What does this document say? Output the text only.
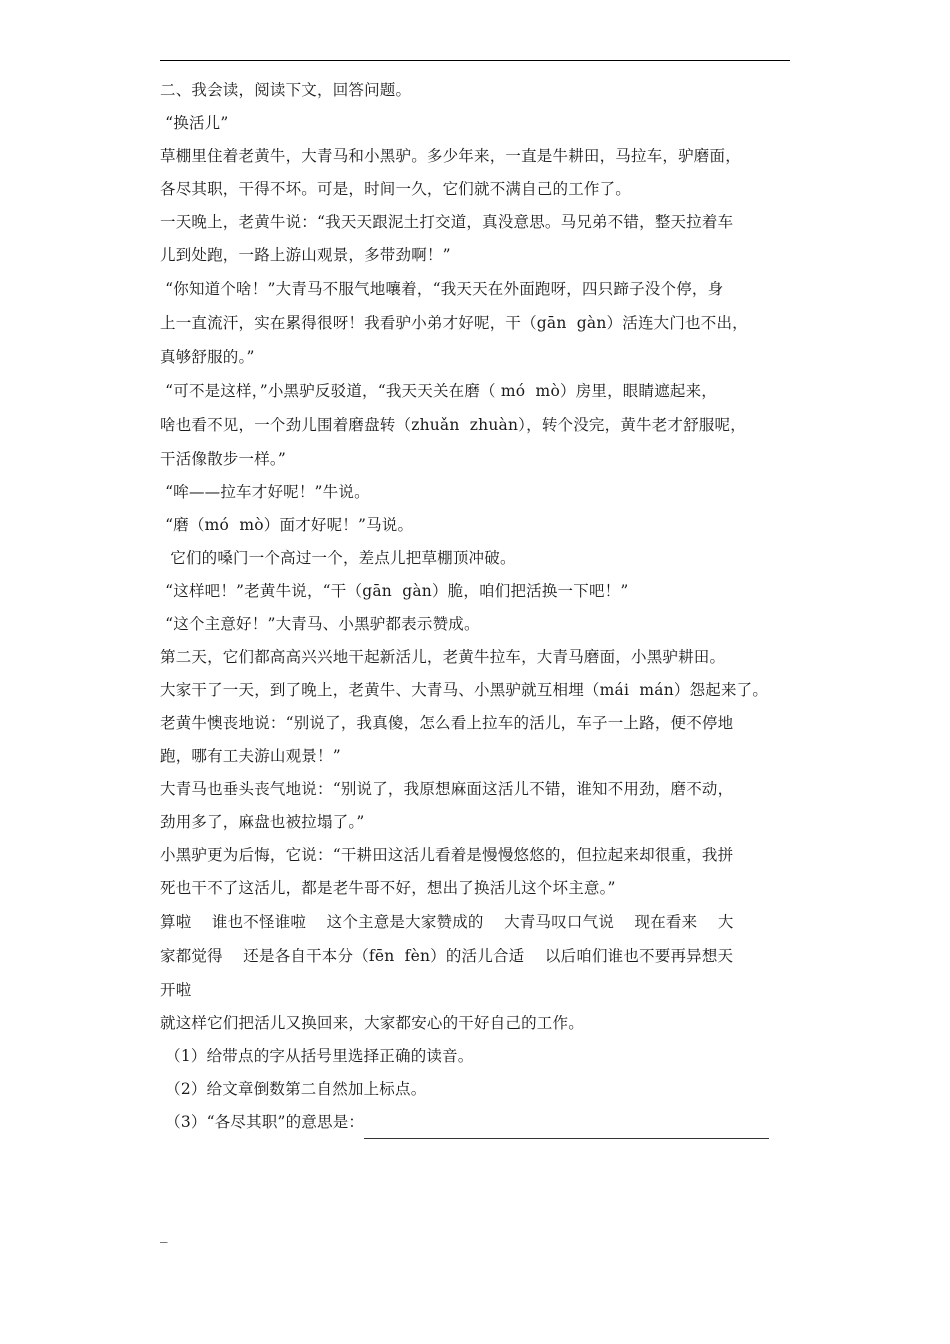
二、我会读，阅读下文，回答问题。
“换活儿”
草棚里住着老黄牛，大青马和小黑驴。多少年来，一直是牛耕田，马拉车，驴磨面，
各尽其职，干得不坏。可是，时间一久，它们就不满自己的工作了。
一天晚上，老黄牛说：“我天天跟泥土打交道，真没意思。马兄弟不错，整天拉着车
儿到处跑，一路上游山观景，多带劲啊！”
“你知道个啥！”大青马不服气地嚷着，“我天天在外面跑呀，四只蹄子没个停，身
上一直流汗，实在累得很呀！我看驴小弟才好呢，干（gān  gàn）活连大门也不出，
真够舒服的。”
“可不是这样，”小黑驴反驳道，“我天天关在磨（ mó  mò）房里，眼睛遮起来，
啥也看不见，一个劲儿围着磨盘转（zhuǎn  zhuàn），转个没完，黄牛老才舒服呢，
干活像散步一样。”
“哞——拉车才好呢！”牛说。
“磨（mó  mò）面才好呢！”马说。
它们的嗓门一个高过一个，差点儿把草棚顶冲破。
“这样吧！”老黄牛说，“干（gān  gàn）脆，咱们把活换一下吧！”
“这个主意好！”大青马、小黑驴都表示赞成。
第二天，它们都高高兴兴地干起新活儿，老黄牛拉车，大青马磨面，小黑驴耕田。
大家干了一天，到了晚上，老黄牛、大青马、小黑驴就互相埋（mái  mán）怨起来了。
老黄牛懊丧地说：“别说了，我真傻，怎么看上拉车的活儿，车子一上路，便不停地
跑，哪有工夫游山观景！”
大青马也垂头丧气地说：“别说了，我原想麻面这活儿不错，谁知不用劲，磨不动，
劲用多了，麻盘也被拉塌了。”
小黑驴更为后悔，它说：“干耕田这活儿看着是慢慢悠悠的，但拉起来却很重，我拼
死也干不了这活儿，都是老牛哥不好，想出了换活儿这个坏主意。”
算啦    谁也不怪谁啦    这个主意是大家赞成的    大青马叹口气说    现在看来    大
家都觉得    还是各自干本分（fēn  fèn）的活儿合适    以后咱们谁也不要再异想天
开啦
就这样它们把活儿又换回来，大家都安心的干好自己的工作。
（1）给带点的字从括号里选择正确的读音。
（2）给文章倒数第二自然加上标点。
（3）“各尽其职”的意思是：
_
